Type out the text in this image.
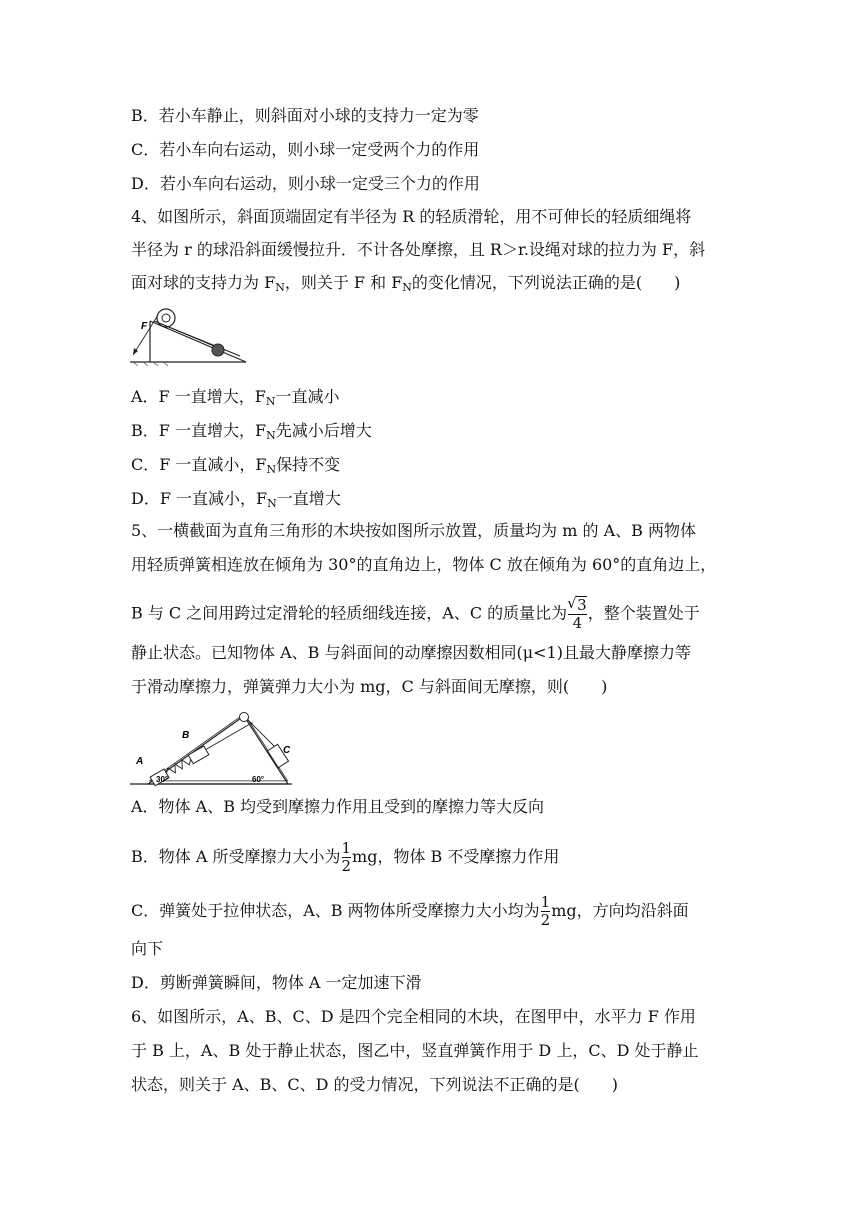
B．若小车静止，则斜面对小球的支持力一定为零
C．若小车向右运动，则小球一定受两个力的作用
D．若小车向右运动，则小球一定受三个力的作用
4、如图所示，斜面顶端固定有半径为 R 的轻质滑轮，用不可伸长的轻质细绳将
半径为 r 的球沿斜面缓慢拉升．不计各处摩擦，且 R＞r.设绳对球的拉力为 F，斜
面对球的支持力为 $F_N$，则关于 F 和 $F_N$的变化情况，下列说法正确的是(　　)
F
A．F 一直增大，$F_N$一直减小
B．F 一直增大，$F_N$先减小后增大
C．F 一直减小，$F_N$保持不变
D．F 一直减小，$F_N$一直增大
5、一横截面为直角三角形的木块按如图所示放置，质量均为 m 的 A、B 两物体
用轻质弹簧相连放在倾角为 30°的直角边上，物体 C 放在倾角为 60°的直角边上，
B 与 C 之间用跨过定滑轮的轻质细线连接，A、C 的质量比为
√ $\frac{3}{4}$ ，整个装置处于
静止状态。已知物体 A、B 与斜面间的动摩擦因数相同(μ<1)且最大静摩擦力等
于滑动摩擦力，弹簧弹力大小为 mg，C 与斜面间无摩擦，则(　　)
A
B
C
30°	60°
A．物体 A、B 均受到摩擦力作用且受到的摩擦力等大反向
B．物体 A 所受摩擦力大小为 $\frac{1}{2}$ mg，物体 B 不受摩擦力作用
C．弹簧处于拉伸状态，A、B 两物体所受摩擦力大小均为 $\frac{1}{2}$ mg，方向均沿斜面
向下
D．剪断弹簧瞬间，物体 A 一定加速下滑
6、如图所示，A、B、C、D 是四个完全相同的木块，在图甲中，水平力 F 作用
于 B 上，A、B 处于静止状态，图乙中，竖直弹簧作用于 D 上，C、D 处于静止
状态，则关于 A、B、C、D 的受力情况，下列说法不正确的是(　　)
